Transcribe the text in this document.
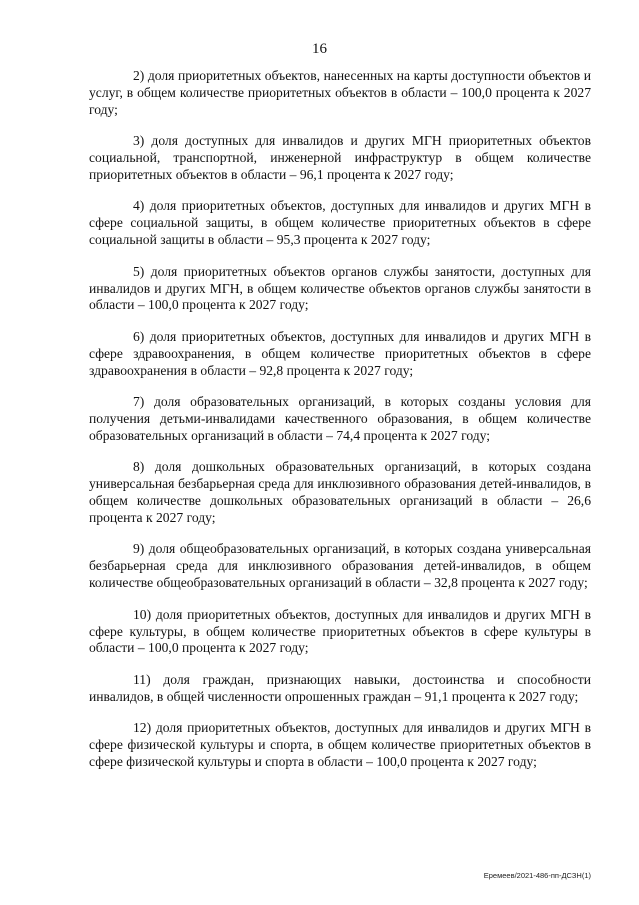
16

2) доля приоритетных объектов, нанесенных на карты доступности объектов и услуг, в общем количестве приоритетных объектов в области – 100,0 процента к 2027 году;

3) доля доступных для инвалидов и других МГН приоритетных объектов социальной, транспортной, инженерной инфраструктур в общем количестве приоритетных объектов в области – 96,1 процента к 2027 году;

4) доля приоритетных объектов, доступных для инвалидов и других МГН в сфере социальной защиты, в общем количестве приоритетных объектов в сфере социальной защиты в области – 95,3 процента к 2027 году;

5) доля приоритетных объектов органов службы занятости, доступных для инвалидов и других МГН, в общем количестве объектов органов службы занятости в области – 100,0 процента к 2027 году;

6) доля приоритетных объектов, доступных для инвалидов и других МГН в сфере здравоохранения, в общем количестве приоритетных объектов в сфере здравоохранения в области – 92,8 процента к 2027 году;

7) доля образовательных организаций, в которых созданы условия для получения детьми-инвалидами качественного образования, в общем количестве образовательных организаций в области – 74,4 процента к 2027 году;

8) доля дошкольных образовательных организаций, в которых создана универсальная безбарьерная среда для инклюзивного образования детей-инвалидов, в общем количестве дошкольных образовательных организаций в области – 26,6 процента к 2027 году;

9) доля общеобразовательных организаций, в которых создана универсальная безбарьерная среда для инклюзивного образования детей-инвалидов, в общем количестве общеобразовательных организаций в области – 32,8 процента к 2027 году;

10) доля приоритетных объектов, доступных для инвалидов и других МГН в сфере культуры, в общем количестве приоритетных объектов в сфере культуры в области – 100,0 процента к 2027 году;

11) доля граждан, признающих навыки, достоинства и способности инвалидов, в общей численности опрошенных граждан – 91,1 процента к 2027 году;

12) доля приоритетных объектов, доступных для инвалидов и других МГН в сфере физической культуры и спорта, в общем количестве приоритетных объектов в сфере физической культуры и спорта в области – 100,0 процента к 2027 году;

Еремеев/2021-486-пп-ДСЗН(1)
